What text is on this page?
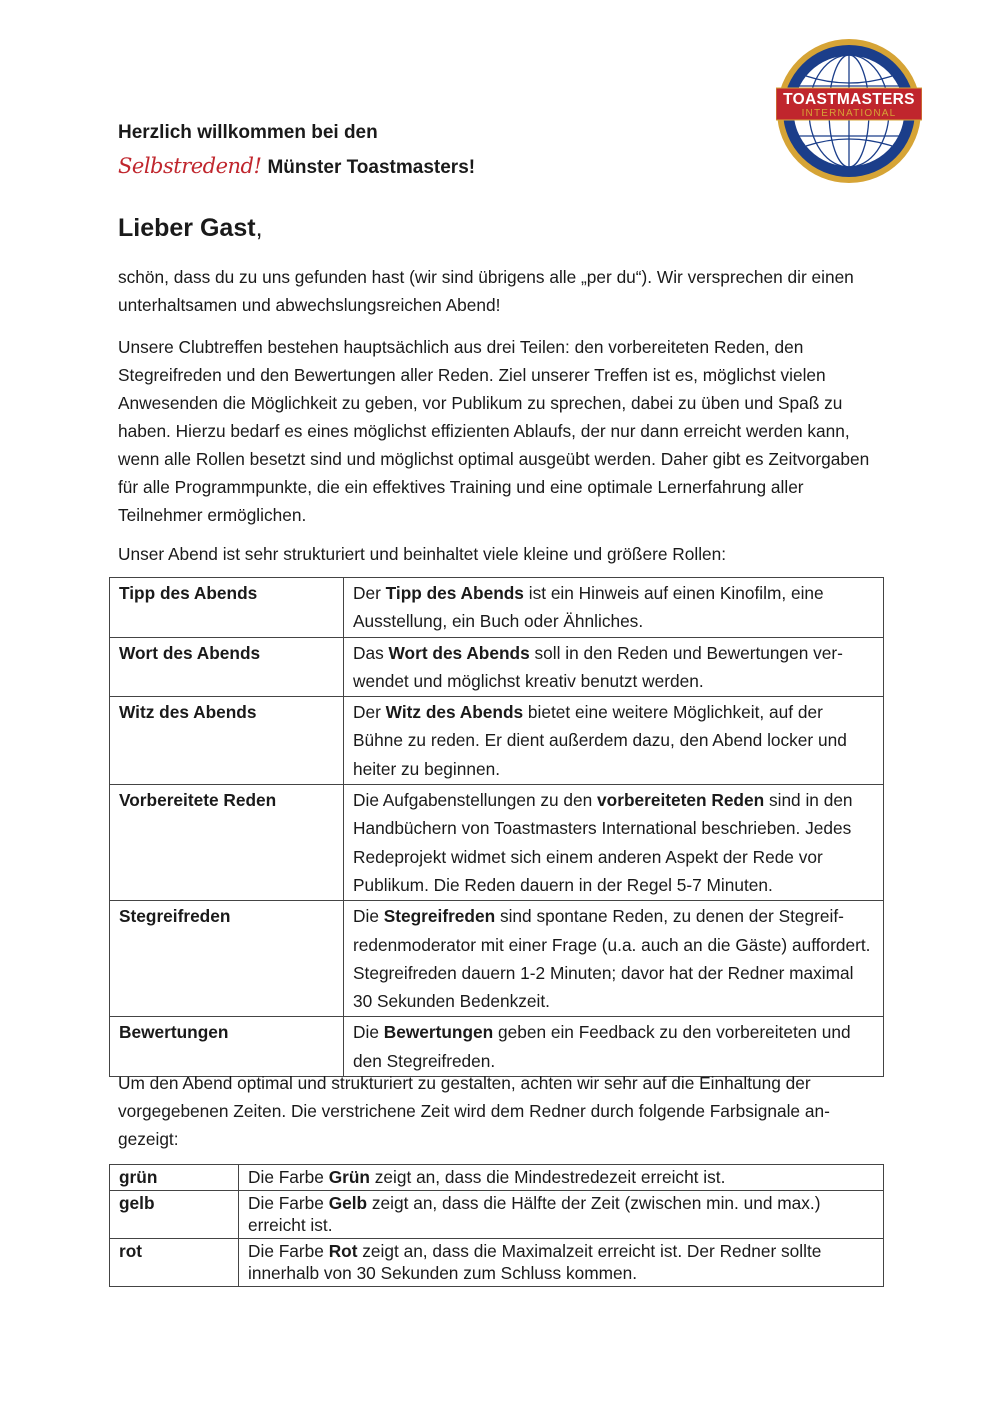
TOASTMASTERS
INTERNATIONAL
Herzlich willkommen bei den
Selbstredend! Münster Toastmasters!
Lieber Gast,
schön, dass du zu uns gefunden hast (wir sind übrigens alle „per du“). Wir versprechen dir einen unterhaltsamen und abwechslungsreichen Abend!
Unsere Clubtreffen bestehen hauptsächlich aus drei Teilen: den vorbereiteten Reden, den Stegreifreden und den Bewertungen aller Reden. Ziel unserer Treffen ist es, möglichst vielen Anwesenden die Möglichkeit zu geben, vor Publikum zu sprechen, dabei zu üben und Spaß zu haben. Hierzu bedarf es eines möglichst effizienten Ablaufs, der nur dann erreicht werden kann, wenn alle Rollen besetzt sind und möglichst optimal ausgeübt werden. Daher gibt es Zeitvorgaben für alle Programmpunkte, die ein effektives Training und eine optimale Lernerfahrung aller Teilnehmer ermöglichen.
Unser Abend ist sehr strukturiert und beinhaltet viele kleine und größere Rollen:
Tipp des Abends	Der Tipp des Abends ist ein Hinweis auf einen Kinofilm, eine Ausstellung, ein Buch oder Ähnliches.
Wort des Abends	Das Wort des Abends soll in den Reden und Bewertungen verwendet und möglichst kreativ benutzt werden.
Witz des Abends	Der Witz des Abends bietet eine weitere Möglichkeit, auf der Bühne zu reden. Er dient außerdem dazu, den Abend locker und heiter zu beginnen.
Vorbereitete Reden	Die Aufgabenstellungen zu den vorbereiteten Reden sind in den Handbüchern von Toastmasters International beschrieben. Jedes Redeprojekt widmet sich einem anderen Aspekt der Rede vor Publikum. Die Reden dauern in der Regel 5-7 Minuten.
Stegreifreden	Die Stegreifreden sind spontane Reden, zu denen der Stegreifredenmoderator mit einer Frage (u.a. auch an die Gäste) auffordert. Stegreifreden dauern 1-2 Minuten; davor hat der Redner maximal 30 Sekunden Bedenkzeit.
Bewertungen	Die Bewertungen geben ein Feedback zu den vorbereiteten und den Stegreifreden.
Um den Abend optimal und strukturiert zu gestalten, achten wir sehr auf die Einhaltung der vorgegebenen Zeiten. Die verstrichene Zeit wird dem Redner durch folgende Farbsignale angezeigt:
grün	Die Farbe Grün zeigt an, dass die Mindestredezeit erreicht ist.
gelb	Die Farbe Gelb zeigt an, dass die Hälfte der Zeit (zwischen min. und max.) erreicht ist.
rot	Die Farbe Rot zeigt an, dass die Maximalzeit erreicht ist. Der Redner sollte innerhalb von 30 Sekunden zum Schluss kommen.
